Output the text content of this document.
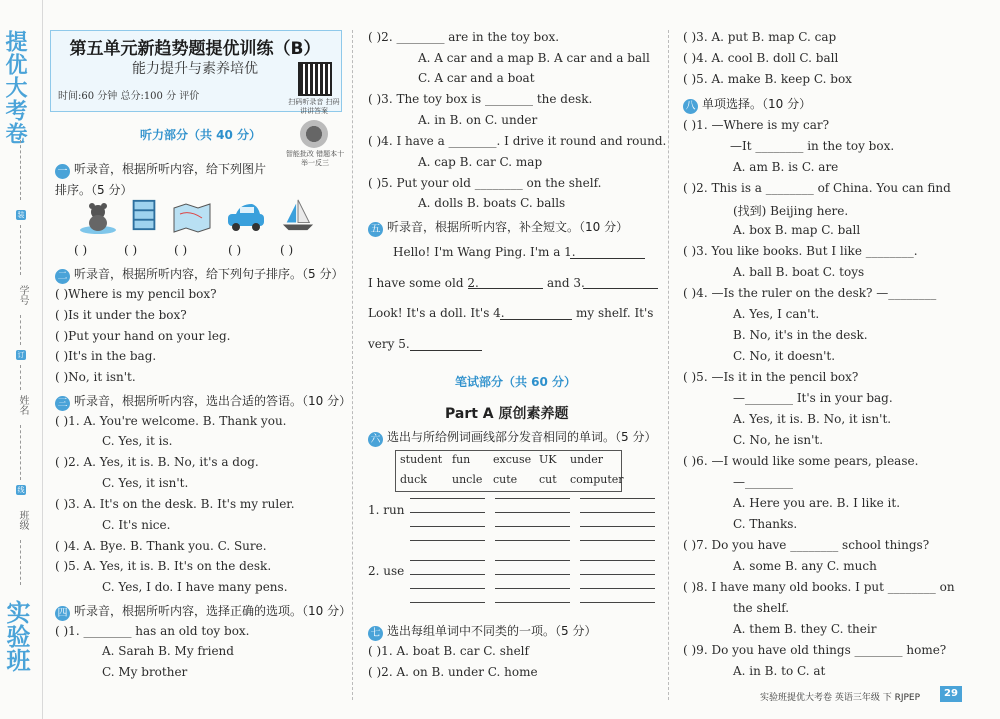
提优大考卷
实验班
装
学号
订
姓名
线
班级
第五单元新趋势题提优训练（B）
能力提升与素养培优
时间:60 分钟 总分:100 分 评价	扫码听录音 扫码讲讲答案
智能批改 错题本十举一反三
听力部分（共 40 分）
一 听录音，根据所听内容，给下列图片
排序。（5 分）
( )	( )	( )	( )	( )
二 听录音，根据所听内容，给下列句子排序。（5 分）
( )Where is my pencil box?
( )Is it under the box?
( )Put your hand on your leg.
( )It's in the bag.
( )No, it isn't.
三 听录音，根据所听内容，选出合适的答语。（10 分）
( )1. A. You're welcome. B. Thank you.
C. Yes, it is.
( )2. A. Yes, it is. B. No, it's a dog.
C. Yes, it isn't.
( )3. A. It's on the desk. B. It's my ruler.
C. It's nice.
( )4. A. Bye. B. Thank you. C. Sure.
( )5. A. Yes, it is. B. It's on the desk.
C. Yes, I do. I have many pens.
四 听录音，根据所听内容，选择正确的选项。（10 分）
( )1. ________ has an old toy box.
A. Sarah B. My friend
C. My brother
( )2. ________ are in the toy box.
A. A car and a map B. A car and a ball
C. A car and a boat
( )3. The toy box is ________ the desk.
A. in B. on C. under
( )4. I have a ________. I drive it round and round.
A. cap B. car C. map
( )5. Put your old ________ on the shelf.
A. dolls B. boats C. balls
五 听录音，根据所听内容，补全短文。（10 分）
Hello! I'm Wang Ping. I'm a 1.
I have some old 2.	and 3.
Look! It's a doll. It's 4.	my shelf. It's
very 5.
笔试部分（共 60 分）
Part A 原创素养题
六 选出与所给例词画线部分发音相同的单词。（5 分）
student fun excuse UK under
duck uncle cute cut computer
1. run
2. use
七 选出每组单词中不同类的一项。（5 分）
( )1. A. boat B. car C. shelf
( )2. A. on B. under C. home
( )3. A. put B. map C. cap
( )4. A. cool B. doll C. ball
( )5. A. make B. keep C. box
八 单项选择。（10 分）
( )1. —Where is my car?
—It ________ in the toy box.
A. am B. is C. are
( )2. This is a ________ of China. You can find
(找到) Beijing here.
A. box B. map C. ball
( )3. You like books. But I like ________.
A. ball B. boat C. toys
( )4. —Is the ruler on the desk? —________
A. Yes, I can't.
B. No, it's in the desk.
C. No, it doesn't.
( )5. —Is it in the pencil box?
—________ It's in your bag.
A. Yes, it is. B. No, it isn't.
C. No, he isn't.
( )6. —I would like some pears, please.
—________
A. Here you are. B. I like it.
C. Thanks.
( )7. Do you have ________ school things?
A. some B. any C. much
( )8. I have many old books. I put ________ on
the shelf.
A. them B. they C. their
( )9. Do you have old things ________ home?
A. in B. to C. at
实验班提优大考卷 英语三年级 下 RJPEP	29
